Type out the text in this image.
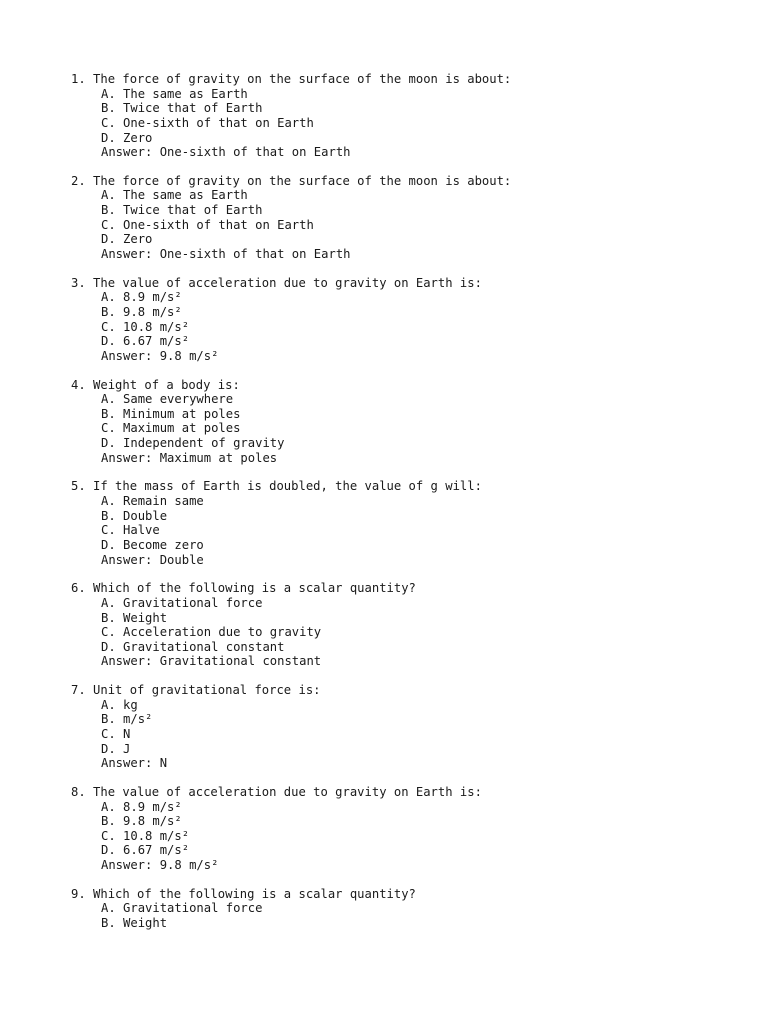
1. The force of gravity on the surface of the moon is about:
A. The same as Earth
B. Twice that of Earth
C. One-sixth of that on Earth
D. Zero
Answer: One-sixth of that on Earth
2. The force of gravity on the surface of the moon is about:
A. The same as Earth
B. Twice that of Earth
C. One-sixth of that on Earth
D. Zero
Answer: One-sixth of that on Earth
3. The value of acceleration due to gravity on Earth is:
A. 8.9 m/s²
B. 9.8 m/s²
C. 10.8 m/s²
D. 6.67 m/s²
Answer: 9.8 m/s²
4. Weight of a body is:
A. Same everywhere
B. Minimum at poles
C. Maximum at poles
D. Independent of gravity
Answer: Maximum at poles
5. If the mass of Earth is doubled, the value of g will:
A. Remain same
B. Double
C. Halve
D. Become zero
Answer: Double
6. Which of the following is a scalar quantity?
A. Gravitational force
B. Weight
C. Acceleration due to gravity
D. Gravitational constant
Answer: Gravitational constant
7. Unit of gravitational force is:
A. kg
B. m/s²
C. N
D. J
Answer: N
8. The value of acceleration due to gravity on Earth is:
A. 8.9 m/s²
B. 9.8 m/s²
C. 10.8 m/s²
D. 6.67 m/s²
Answer: 9.8 m/s²
9. Which of the following is a scalar quantity?
A. Gravitational force
B. Weight
